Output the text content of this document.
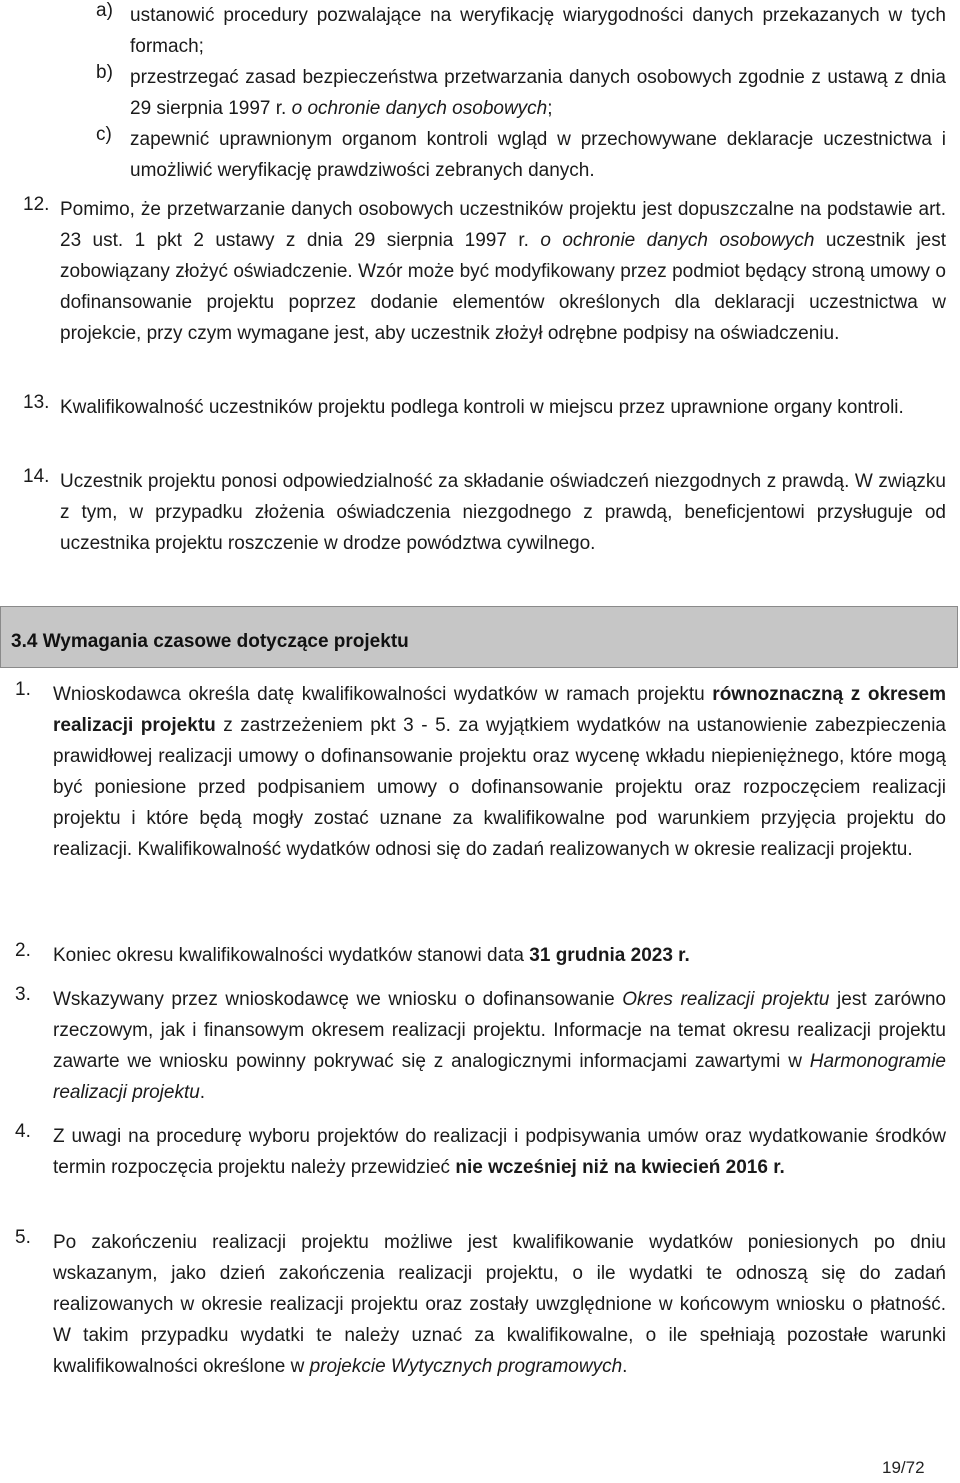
a) ustanowić procedury pozwalające na weryfikację wiarygodności danych przekazanych w tych formach;
b) przestrzegać zasad bezpieczeństwa przetwarzania danych osobowych zgodnie z ustawą z dnia 29 sierpnia 1997 r. o ochronie danych osobowych;
c) zapewnić uprawnionym organom kontroli wgląd w przechowywane deklaracje uczestnictwa i umożliwić weryfikację prawdziwości zebranych danych.
12. Pomimo, że przetwarzanie danych osobowych uczestników projektu jest dopuszczalne na podstawie art. 23 ust. 1 pkt 2 ustawy z dnia 29 sierpnia 1997 r. o ochronie danych osobowych uczestnik jest zobowiązany złożyć oświadczenie. Wzór może być modyfikowany przez podmiot będący stroną umowy o dofinansowanie projektu poprzez dodanie elementów określonych dla deklaracji uczestnictwa w projekcie, przy czym wymagane jest, aby uczestnik złożył odrębne podpisy na oświadczeniu.
13. Kwalifikowalność uczestników projektu podlega kontroli w miejscu przez uprawnione organy kontroli.
14. Uczestnik projektu ponosi odpowiedzialność za składanie oświadczeń niezgodnych z prawdą. W związku z tym, w przypadku złożenia oświadczenia niezgodnego z prawdą, beneficjentowi przysługuje od uczestnika projektu roszczenie w drodze powództwa cywilnego.
3.4 Wymagania czasowe dotyczące projektu
1. Wnioskodawca określa datę kwalifikowalności wydatków w ramach projektu równoznaczną z okresem realizacji projektu z zastrzeżeniem pkt 3 - 5. za wyjątkiem wydatków na ustanowienie zabezpieczenia prawidłowej realizacji umowy o dofinansowanie projektu oraz wycenę wkładu niepieniężnego, które mogą być poniesione przed podpisaniem umowy o dofinansowanie projektu oraz rozpoczęciem realizacji projektu i które będą mogły zostać uznane za kwalifikowalne pod warunkiem przyjęcia projektu do realizacji. Kwalifikowalność wydatków odnosi się do zadań realizowanych w okresie realizacji projektu.
2. Koniec okresu kwalifikowalności wydatków stanowi data 31 grudnia 2023 r.
3. Wskazywany przez wnioskodawcę we wniosku o dofinansowanie Okres realizacji projektu jest zarówno rzeczowym, jak i finansowym okresem realizacji projektu. Informacje na temat okresu realizacji projektu zawarte we wniosku powinny pokrywać się z analogicznymi informacjami zawartymi w Harmonogramie realizacji projektu.
4. Z uwagi na procedurę wyboru projektów do realizacji i podpisywania umów oraz wydatkowanie środków termin rozpoczęcia projektu należy przewidzieć nie wcześniej niż na kwiecień 2016 r.
5. Po zakończeniu realizacji projektu możliwe jest kwalifikowanie wydatków poniesionych po dniu wskazanym, jako dzień zakończenia realizacji projektu, o ile wydatki te odnoszą się do zadań realizowanych w okresie realizacji projektu oraz zostały uwzględnione w końcowym wniosku o płatność. W takim przypadku wydatki te należy uznać za kwalifikowalne, o ile spełniają pozostałe warunki kwalifikowalności określone w projekcie Wytycznych programowych.
19/72
